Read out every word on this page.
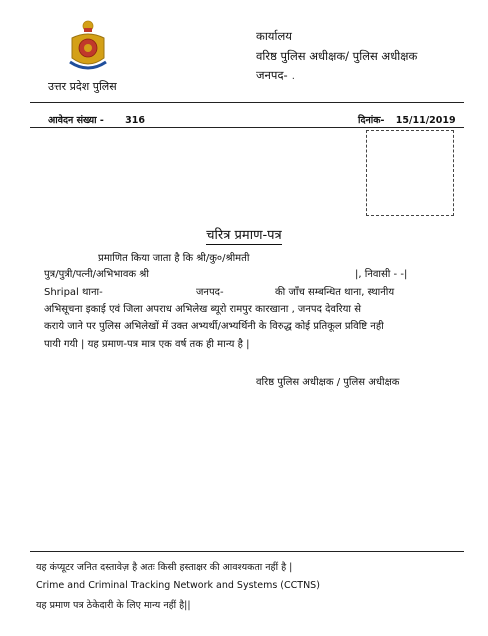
उत्तर प्रदेश पुलिस
कार्यालय
वरिष्ठ पुलिस अधीक्षक/ पुलिस अधीक्षक
जनपद- .
आवेदन संख्या - 316	दिनांक- 15/11/2019
चरित्र प्रमाण-पत्र
प्रमाणित किया जाता है कि श्री/कु०/श्रीमती
पुत्र/पुत्री/पत्नी/अभिभावक श्री	|, निवासी - -|
Shripal थाना-	जनपद-	की जाँच सम्बन्धित थाना, स्थानीय
अभिसूचना इकाई एवं जिला अपराध अभिलेख ब्यूरो रामपुर कारखाना , जनपद देवरिया से
कराये जाने पर पुलिस अभिलेखों में उक्त अभ्यर्थी/अभ्यर्थिनी के विरुद्ध कोई प्रतिकूल प्रविष्टि नही
पायी गयी | यह प्रमाण-पत्र मात्र एक वर्ष तक ही मान्य है |
वरिष्ठ पुलिस अधीक्षक / पुलिस अधीक्षक
यह कंप्यूटर जनित दस्तावेज़ है अतः किसी हस्ताक्षर की आवश्यकता नहीं है |
Crime and Criminal Tracking Network and Systems (CCTNS)
यह प्रमाण पत्र ठेकेदारी के लिए मान्य नहीं है||
